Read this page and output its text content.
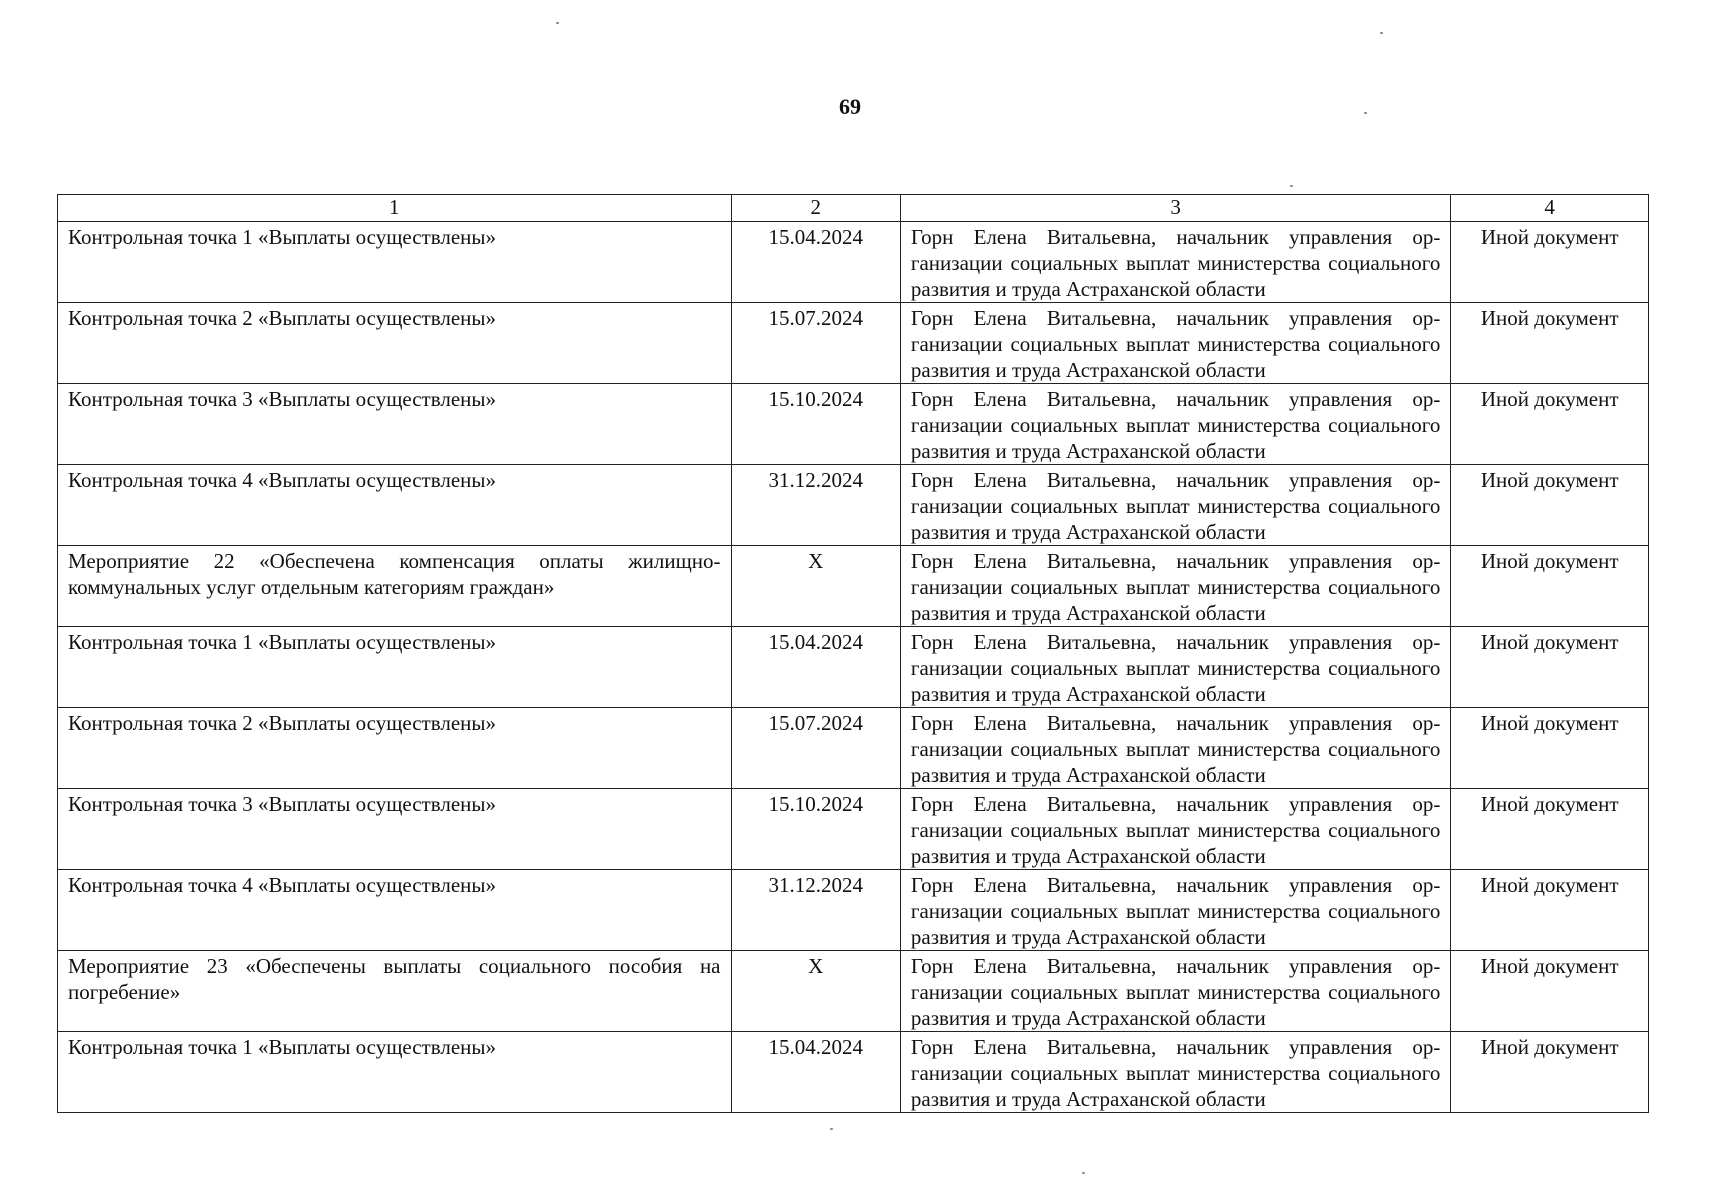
69
1	2	3	4
Контрольная точка 1 «Выплаты осуществлены»	15.04.2024	Горн Елена Витальевна, начальник управления организации социальных выплат министерства социального развития и труда Астраханской области	Иной документ
Контрольная точка 2 «Выплаты осуществлены»	15.07.2024	Горн Елена Витальевна, начальник управления организации социальных выплат министерства социального развития и труда Астраханской области	Иной документ
Контрольная точка 3 «Выплаты осуществлены»	15.10.2024	Горн Елена Витальевна, начальник управления организации социальных выплат министерства социального развития и труда Астраханской области	Иной документ
Контрольная точка 4 «Выплаты осуществлены»	31.12.2024	Горн Елена Витальевна, начальник управления организации социальных выплат министерства социального развития и труда Астраханской области	Иной документ
Мероприятие 22 «Обеспечена компенсация оплаты жилищно-коммунальных услуг отдельным категориям граждан»	X	Горн Елена Витальевна, начальник управления организации социальных выплат министерства социального развития и труда Астраханской области	Иной документ
Контрольная точка 1 «Выплаты осуществлены»	15.04.2024	Горн Елена Витальевна, начальник управления организации социальных выплат министерства социального развития и труда Астраханской области	Иной документ
Контрольная точка 2 «Выплаты осуществлены»	15.07.2024	Горн Елена Витальевна, начальник управления организации социальных выплат министерства социального развития и труда Астраханской области	Иной документ
Контрольная точка 3 «Выплаты осуществлены»	15.10.2024	Горн Елена Витальевна, начальник управления организации социальных выплат министерства социального развития и труда Астраханской области	Иной документ
Контрольная точка 4 «Выплаты осуществлены»	31.12.2024	Горн Елена Витальевна, начальник управления организации социальных выплат министерства социального развития и труда Астраханской области	Иной документ
Мероприятие 23 «Обеспечены выплаты социального пособия на погребение»	X	Горн Елена Витальевна, начальник управления организации социальных выплат министерства социального развития и труда Астраханской области	Иной документ
Контрольная точка 1 «Выплаты осуществлены»	15.04.2024	Горн Елена Витальевна, начальник управления организации социальных выплат министерства социального развития и труда Астраханской области	Иной документ
